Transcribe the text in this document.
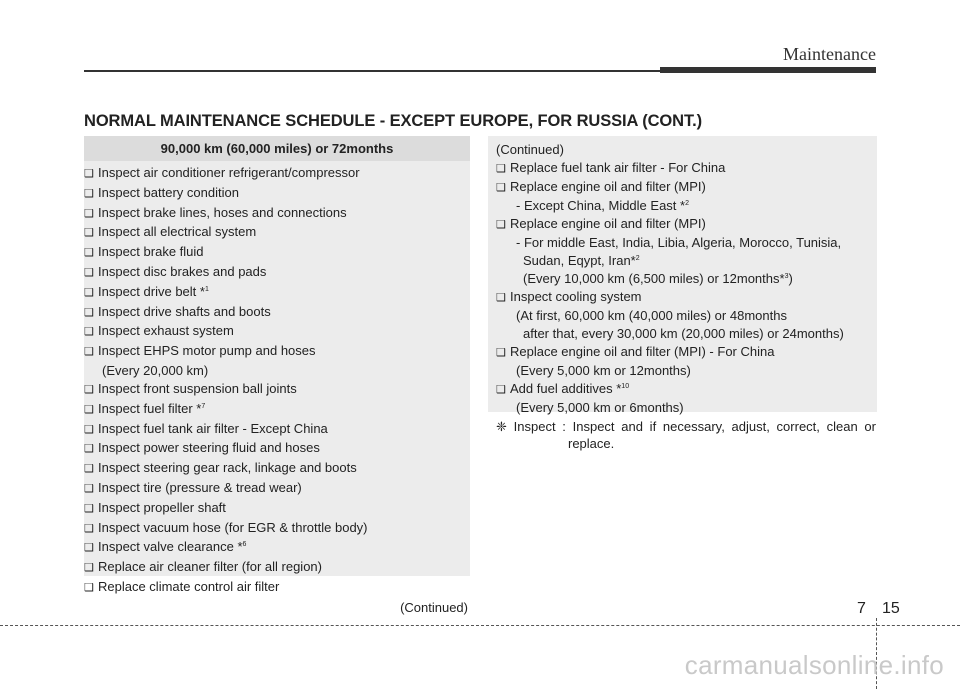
Maintenance
NORMAL MAINTENANCE SCHEDULE - EXCEPT EUROPE, FOR RUSSIA (CONT.)
90,000 km (60,000 miles) or 72months
❑ Inspect air conditioner refrigerant/compressor
❑ Inspect battery condition
❑ Inspect brake lines, hoses and connections
❑ Inspect all electrical system
❑ Inspect brake fluid
❑ Inspect disc brakes and pads
❑ Inspect drive belt *$^1$
❑ Inspect drive shafts and boots
❑ Inspect exhaust system
❑ Inspect EHPS motor pump and hoses
(Every 20,000 km)
❑ Inspect front suspension ball joints
❑ Inspect fuel filter *$^7$
❑ Inspect fuel tank air filter - Except China
❑ Inspect power steering fluid and hoses
❑ Inspect steering gear rack, linkage and boots
❑ Inspect tire (pressure & tread wear)
❑ Inspect propeller shaft
❑ Inspect vacuum hose (for EGR & throttle body)
❑ Inspect valve clearance *$^6$
❑ Replace air cleaner filter (for all region)
❑ Replace climate control air filter
(Continued)
(Continued)
❑ Replace fuel tank air filter - For China
❑ Replace engine oil and filter (MPI)
- Except China, Middle East *$^2$
❑ Replace engine oil and filter (MPI)
- For middle East, India, Libia, Algeria, Morocco, Tunisia,
Sudan, Eqypt, Iran*$^2$
(Every 10,000 km (6,500 miles) or 12months*$^3$)
❑ Inspect cooling system
(At first, 60,000 km (40,000 miles) or 48months
after that, every 30,000 km (20,000 miles) or 24months)
❑ Replace engine oil and filter (MPI) - For China
(Every 5,000 km or 12months)
❑ Add fuel additives *$^{10}$
(Every 5,000 km or 6months)
❈ Inspect : Inspect and if necessary, adjust, correct, clean or
replace.
7 15
carmanualsonline.info
